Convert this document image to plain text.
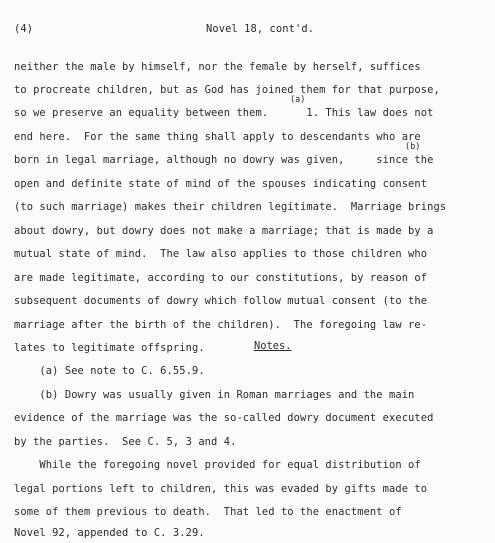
(4)	Novel 18, cont'd.
neither the male by himself, nor the female by herself, suffices
to procreate children, but as God has joined them for that purpose,
so we preserve an equality between them.      1. This law does not
(a)
end here.  For the same thing shall apply to descendants who are
born in legal marriage, although no dowry was given,     since the
(b)
open and definite state of mind of the spouses indicating consent
(to such marriage) makes their children legitimate.  Marriage brings
about dowry, but dowry does not make a marriage; that is made by a
mutual state of mind.  The law also applies to those children who
are made legitimate, according to our constitutions, by reason of
subsequent documents of dowry which follow mutual consent (to the
marriage after the birth of the children).  The foregoing law re-
lates to legitimate offspring.	Notes.
(a) See note to C. 6.55.9.
(b) Dowry was usually given in Roman marriages and the main
evidence of the marriage was the so-called dowry document executed
by the parties.  See C. 5, 3 and 4.
While the foregoing novel provided for equal distribution of
legal portions left to children, this was evaded by gifts made to
some of them previous to death.  That led to the enactment of
Novel 92, appended to C. 3.29.
